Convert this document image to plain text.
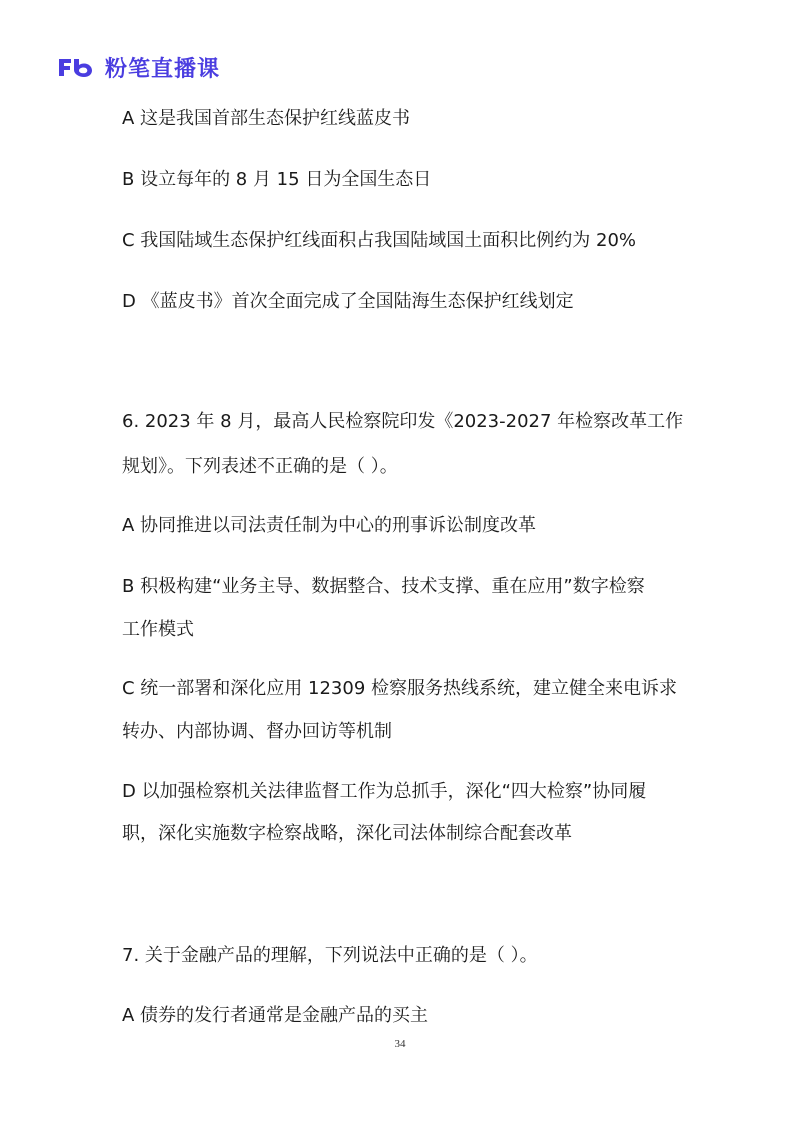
粉笔直播课
A 这是我国首部生态保护红线蓝皮书
B 设立每年的 8 月 15 日为全国生态日
C 我国陆域生态保护红线面积占我国陆域国土面积比例约为 20%
D 《蓝皮书》首次全面完成了全国陆海生态保护红线划定
6. 2023 年 8 月，最高人民检察院印发《2023-2027 年检察改革工作
规划》。下列表述不正确的是（ ）。
A 协同推进以司法责任制为中心的刑事诉讼制度改革
B 积极构建“业务主导、数据整合、技术支撑、重在应用”数字检察
工作模式
C 统一部署和深化应用 12309 检察服务热线系统，建立健全来电诉求
转办、内部协调、督办回访等机制
D 以加强检察机关法律监督工作为总抓手，深化“四大检察”协同履
职，深化实施数字检察战略，深化司法体制综合配套改革
7. 关于金融产品的理解，下列说法中正确的是（ ）。
A 债券的发行者通常是金融产品的买主
34
